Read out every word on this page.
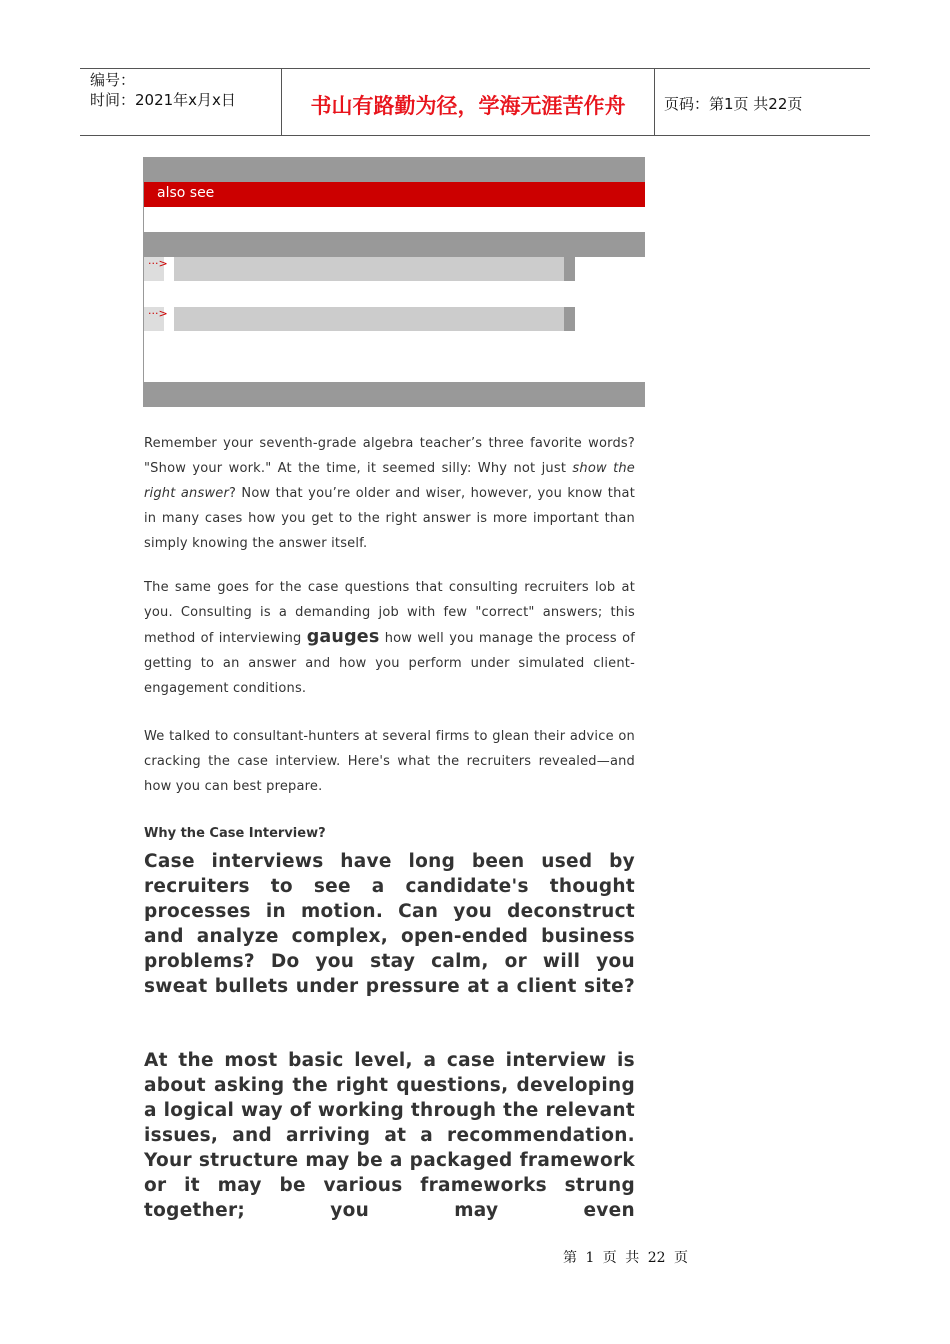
编号：
时间：2021年x月x日	书山有路勤为径，学海无涯苦作舟	页码：第1页 共22页
also see
···>
···>
Remember your seventh-grade algebra teacher’s three favorite words? "Show your work." At the time, it seemed silly: Why not just show the right answer? Now that you’re older and wiser, however, you know that in many cases how you get to the right answer is more important than simply knowing the answer itself.
The same goes for the case questions that consulting recruiters lob at you. Consulting is a demanding job with few "correct" answers; this method of interviewing gauges how well you manage the process of getting to an answer and how you perform under simulated client-engagement conditions.
We talked to consultant-hunters at several firms to glean their advice on cracking the case interview. Here's what the recruiters revealed—and how you can best prepare.
Why the Case Interview?
Case interviews have long been used by recruiters to see a candidate's thought processes in motion. Can you deconstruct and analyze complex, open-ended business problems? Do you stay calm, or will you sweat bullets under pressure at a client site?
At the most basic level, a case interview is about asking the right questions, developing a logical way of working through the relevant issues, and arriving at a recommendation. Your structure may be a packaged framework or it may be various frameworks strung together; you may even
第 1 页 共 22 页
